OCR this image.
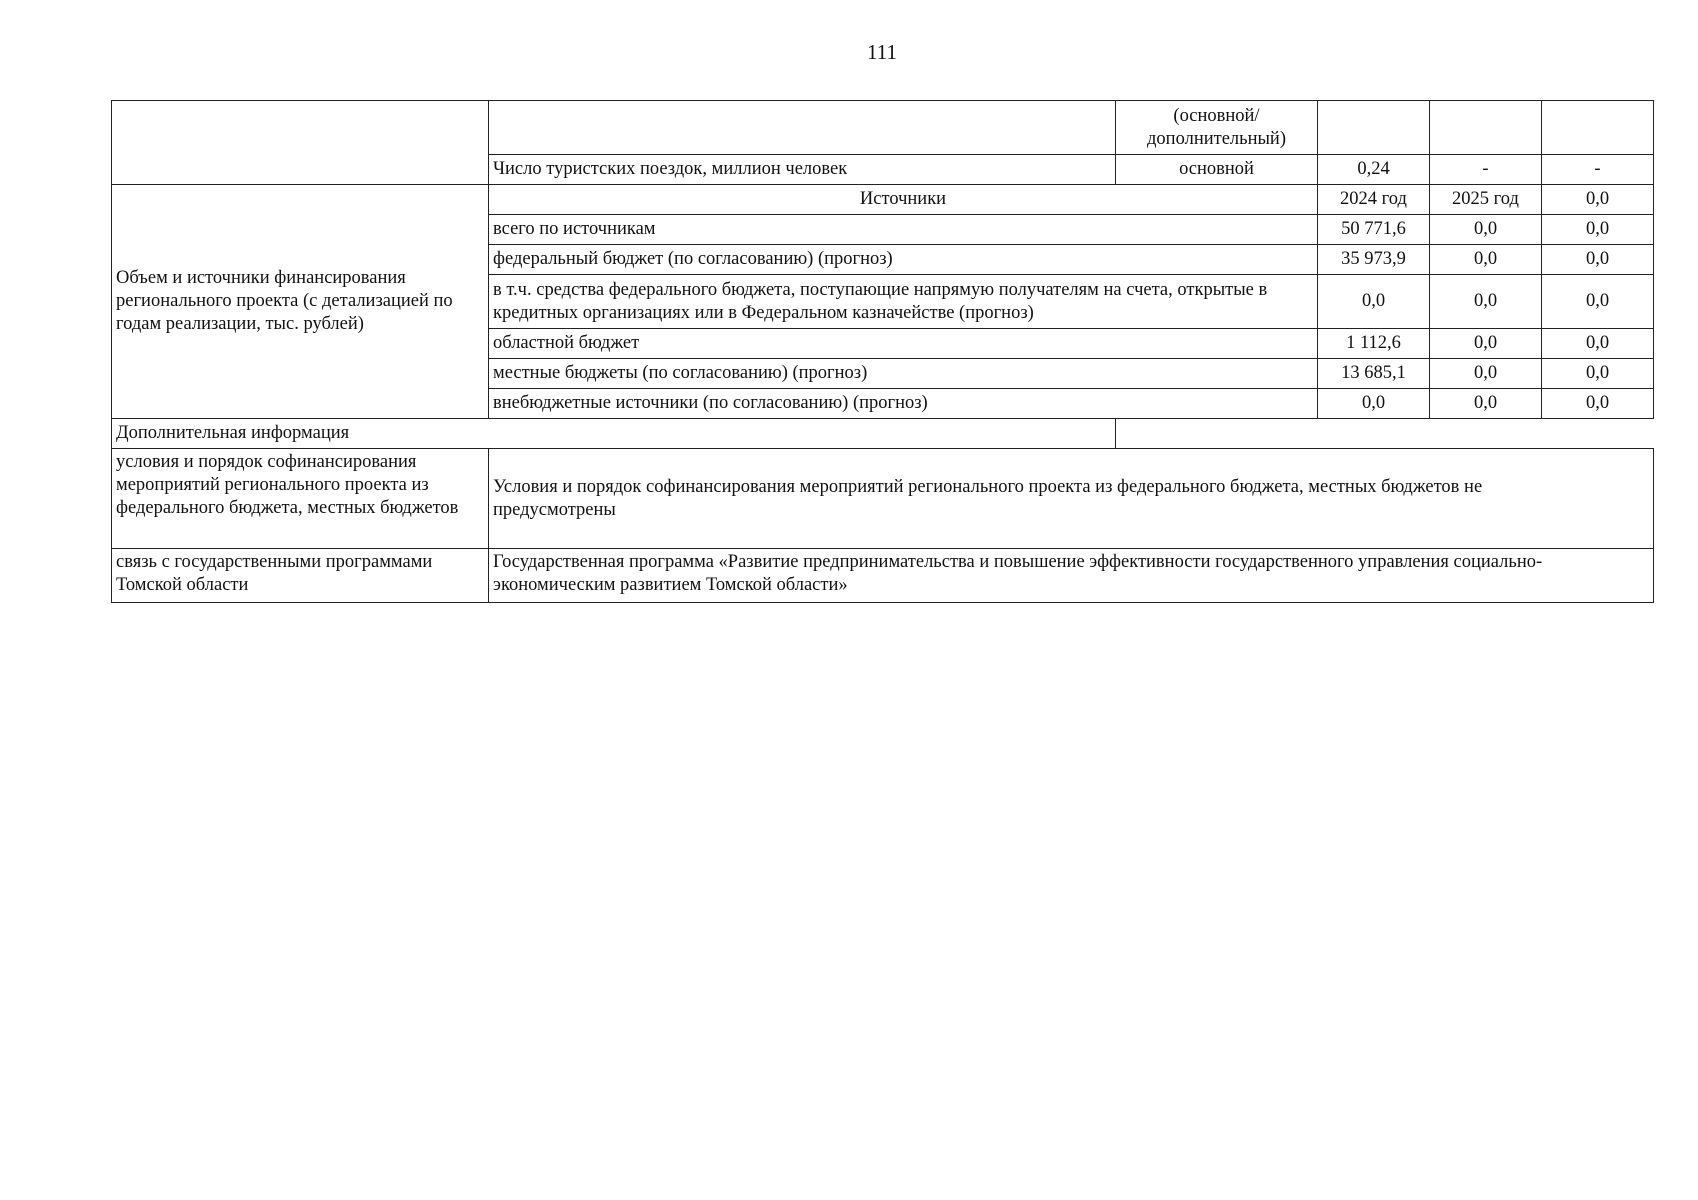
111
		(основной/
дополнительный)			
	Число туристских поездок, миллион человек	основной	0,24	-	-
Объем и источники финансирования регионального проекта (с детализацией по годам реализации, тыс. рублей)	Источники		2024 год	2025 год	0,0
	всего по источникам		50 771,6	0,0	0,0
	федеральный бюджет (по согласованию) (прогноз)		35 973,9	0,0	0,0

	в т.ч. средства федерального бюджета, поступающие напрямую получателям на счета, открытые в кредитных организациях или в Федеральном казначействе (прогноз)		0,0	0,0	0,0
	областной бюджет		1 112,6	0,0	0,0
	местные бюджеты (по согласованию) (прогноз)		13 685,1	0,0	0,0
	внебюджетные источники (по согласованию) (прогноз)		0,0	0,0	0,0
Дополнительная информация					
условия и порядок софинансирования мероприятий регионального проекта из федерального бюджета, местных бюджетов	Условия и порядок софинансирования мероприятий регионального проекта из федерального бюджета, местных бюджетов не предусмотрены				

связь с государственными программами Томской области	Государственная программа «Развитие предпринимательства и повышение эффективности государственного управления социально-экономическим развитием Томской области»				
